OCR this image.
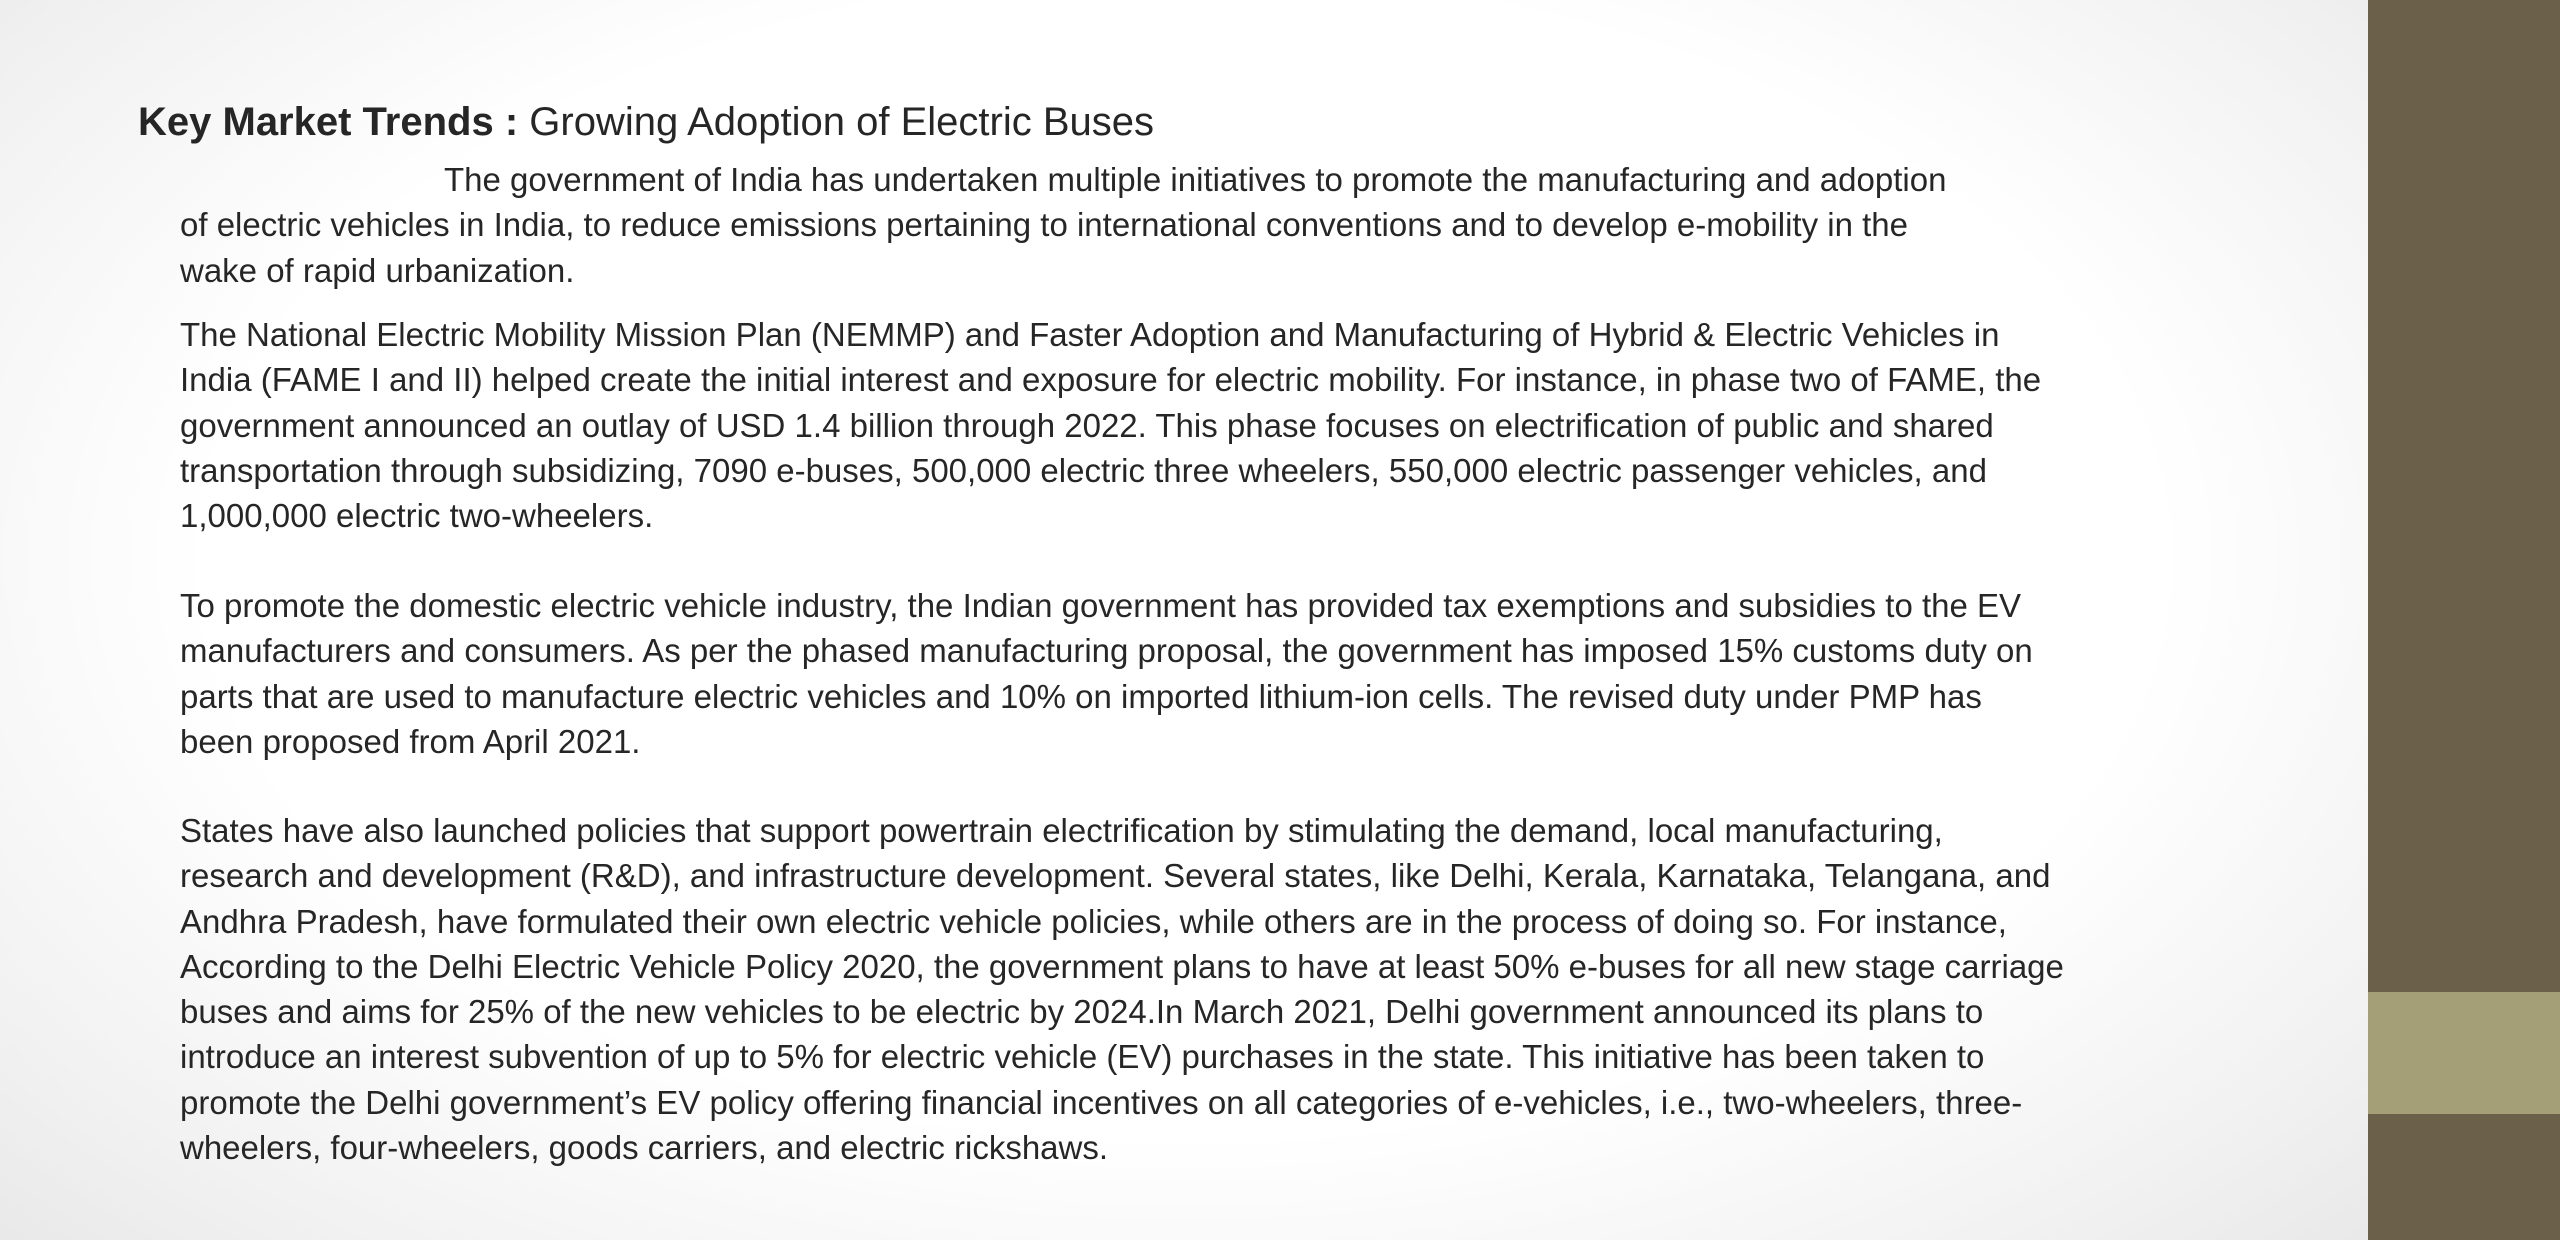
Key Market Trends : Growing Adoption of Electric Buses

The government of India has undertaken multiple initiatives to promote the manufacturing and adoption
of electric vehicles in India, to reduce emissions pertaining to international conventions and to develop e-mobility in the
wake of rapid urbanization.

The National Electric Mobility Mission Plan (NEMMP) and Faster Adoption and Manufacturing of Hybrid & Electric Vehicles in
India (FAME I and II) helped create the initial interest and exposure for electric mobility. For instance, in phase two of FAME, the
government announced an outlay of USD 1.4 billion through 2022. This phase focuses on electrification of public and shared
transportation through subsidizing, 7090 e-buses, 500,000 electric three wheelers, 550,000 electric passenger vehicles, and
1,000,000 electric two-wheelers.

To promote the domestic electric vehicle industry, the Indian government has provided tax exemptions and subsidies to the EV
manufacturers and consumers. As per the phased manufacturing proposal, the government has imposed 15% customs duty on
parts that are used to manufacture electric vehicles and 10% on imported lithium-ion cells. The revised duty under PMP has
been proposed from April 2021.

States have also launched policies that support powertrain electrification by stimulating the demand, local manufacturing,
research and development (R&D), and infrastructure development. Several states, like Delhi, Kerala, Karnataka, Telangana, and
Andhra Pradesh, have formulated their own electric vehicle policies, while others are in the process of doing so. For instance,
According to the Delhi Electric Vehicle Policy 2020, the government plans to have at least 50% e-buses for all new stage carriage
buses and aims for 25% of the new vehicles to be electric by 2024.In March 2021, Delhi government announced its plans to
introduce an interest subvention of up to 5% for electric vehicle (EV) purchases in the state. This initiative has been taken to
promote the Delhi government’s EV policy offering financial incentives on all categories of e-vehicles, i.e., two-wheelers, three-
wheelers, four-wheelers, goods carriers, and electric rickshaws.
